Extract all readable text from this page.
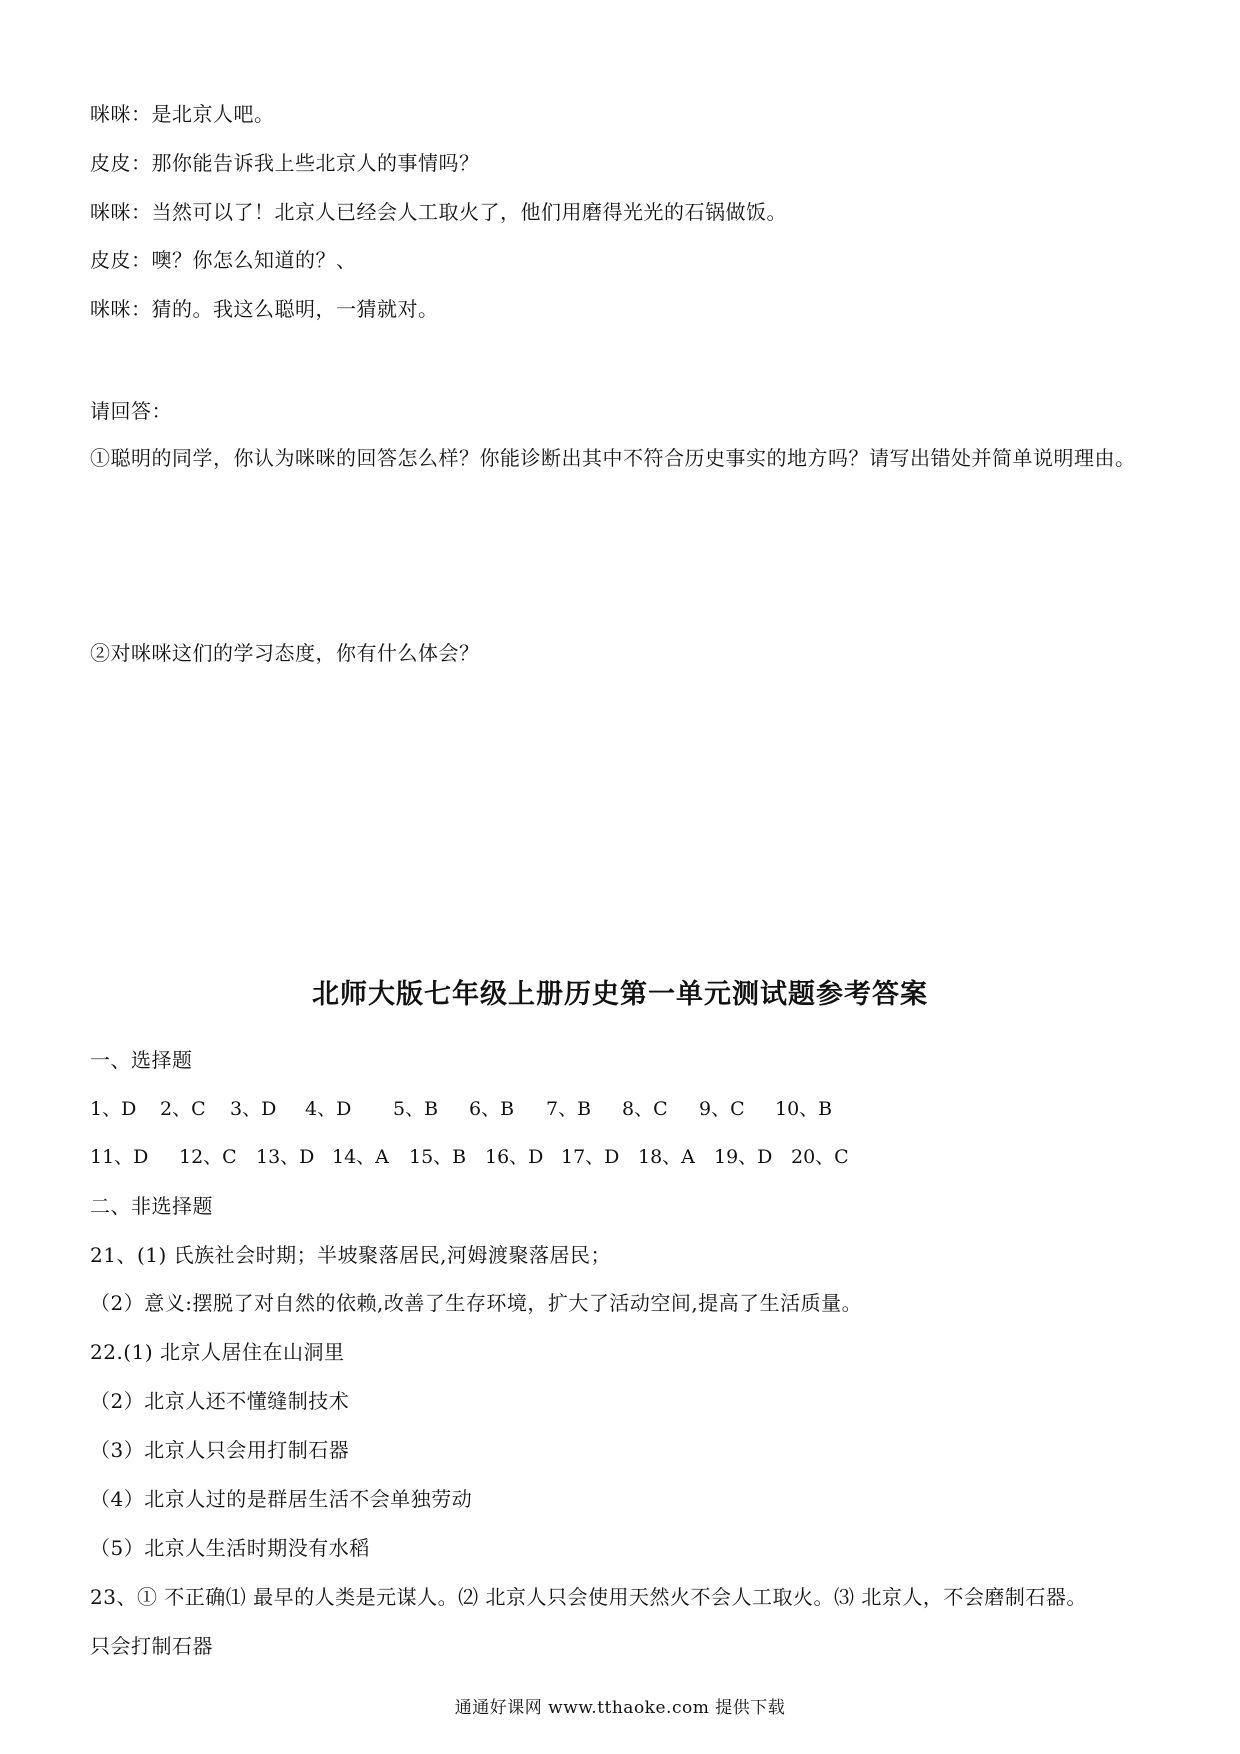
咪咪：是北京人吧。
皮皮：那你能告诉我上些北京人的事情吗？
咪咪：当然可以了！北京人已经会人工取火了，他们用磨得光光的石锅做饭。
皮皮：噢？你怎么知道的？、
咪咪：猜的。我这么聪明，一猜就对。
请回答：
①聪明的同学，你认为咪咪的回答怎么样？你能诊断出其中不符合历史事实的地方吗？请写出错处并简单说明理由。
②对咪咪这们的学习态度，你有什么体会？
北师大版七年级上册历史第一单元测试题参考答案
一、选择题
1、D	2、C	3、D	4、D	5、B	6、B	7、B	8、C	9、C	10、B
11、D	12、C	13、D 14、A	15、B 16、D 17、D 18、A	19、D 20、C
二、非选择题
21、(1) 氏族社会时期；半坡聚落居民,河姆渡聚落居民；
（2）意义:摆脱了对自然的依赖,改善了生存环境，扩大了活动空间,提高了生活质量。
22.(1) 北京人居住在山洞里
（2）北京人还不懂缝制技术
（3）北京人只会用打制石器
（4）北京人过的是群居生活不会单独劳动
（5）北京人生活时期没有水稻
23、① 不正确⑴ 最早的人类是元谋人。⑵ 北京人只会使用天然火不会人工取火。⑶ 北京人，不会磨制石器。
只会打制石器
通通好课网 www.tthaoke.com 提供下载
